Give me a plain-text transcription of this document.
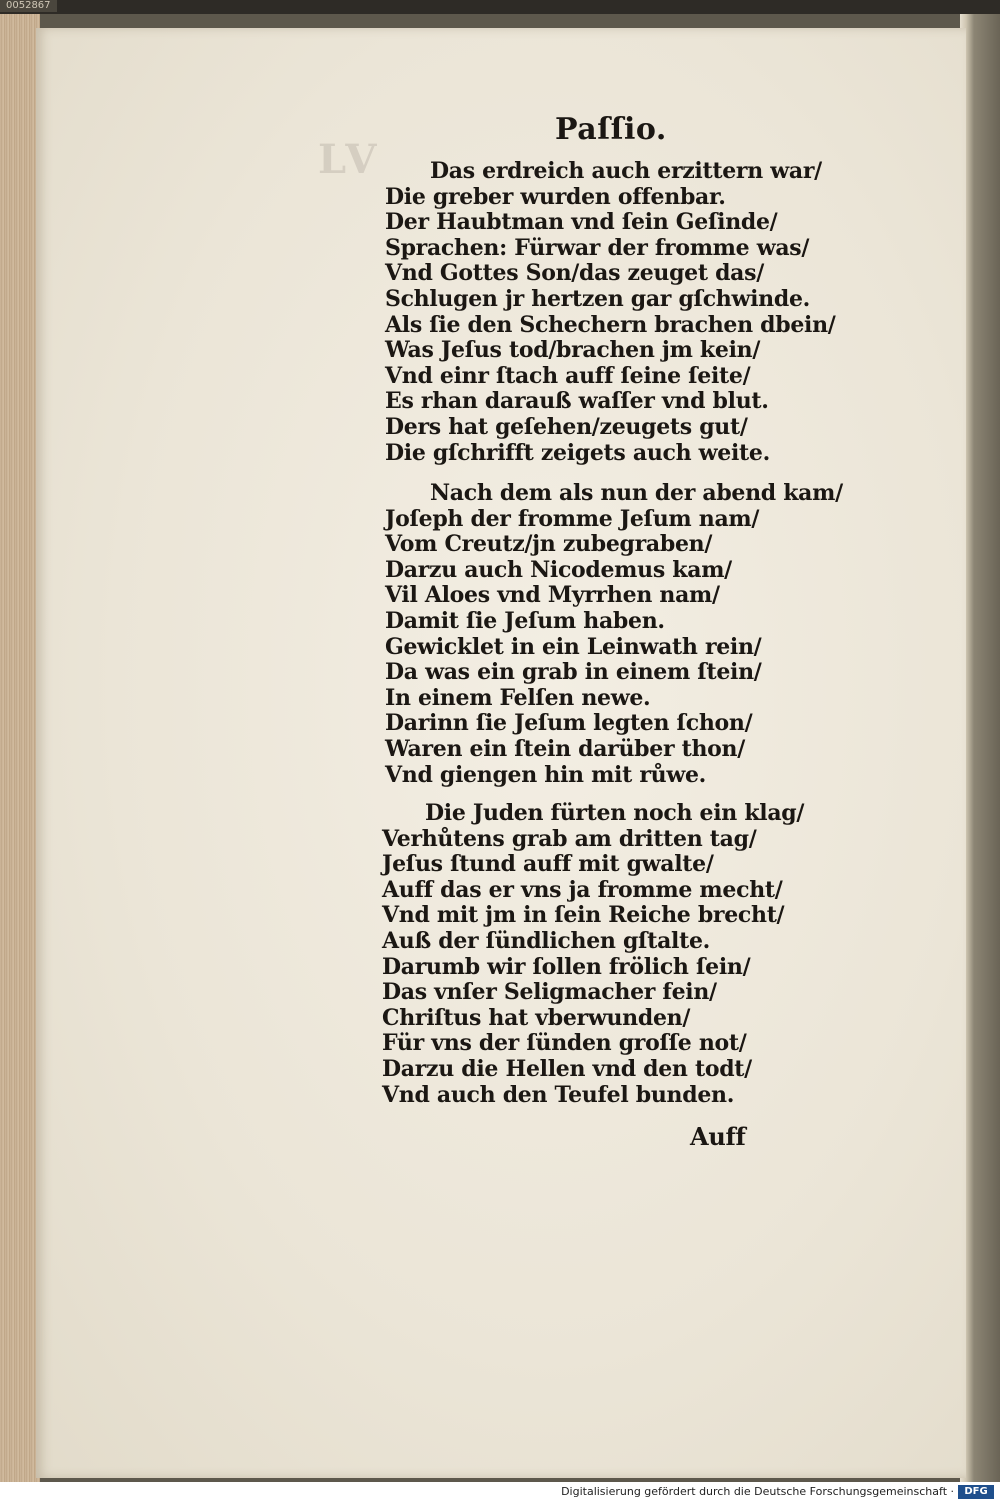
0052867
LV
Paſſio.
Das erdreich auch erzittern war/
Die greber wurden offenbar.
Der Haubtman vnd ſein Geſinde/
Sprachen: Fürwar der fromme was/
Vnd Gottes Son/das zeuget das/
Schlugen jr hertzen gar gſchwinde.
Als ſie den Schechern brachen dbein/
Was Jeſus tod/brachen jm kein/
Vnd einr ſtach auff ſeine ſeite/
Es rhan darauß waſſer vnd blut.
Ders hat geſehen/zeugets gut/
Die gſchrifft zeigets auch weite.
Nach dem als nun der abend kam/
Joſeph der fromme Jeſum nam/
Vom Creutz/jn zubegraben/
Darzu auch Nicodemus kam/
Vil Aloes vnd Myrrhen nam/
Damit ſie Jeſum haben.
Gewicklet in ein Leinwath rein/
Da was ein grab in einem ſtein/
In einem Felſen newe.
Darinn ſie Jeſum legten ſchon/
Waren ein ſtein darüber thon/
Vnd giengen hin mit růwe.
Die Juden fürten noch ein klag/
Verhůtens grab am dritten tag/
Jeſus ſtund auff mit gwalte/
Auff das er vns ja fromme mecht/
Vnd mit jm in ſein Reiche brecht/
Auß der ſündlichen gſtalte.
Darumb wir ſollen frölich ſein/
Das vnſer Seligmacher fein/
Chriſtus hat vberwunden/
Für vns der ſünden groſſe not/
Darzu die Hellen vnd den todt/
Vnd auch den Teufel bunden.
Auff
Digitalisierung gefördert durch die Deutsche Forschungsgemeinschaft ·	DFG
